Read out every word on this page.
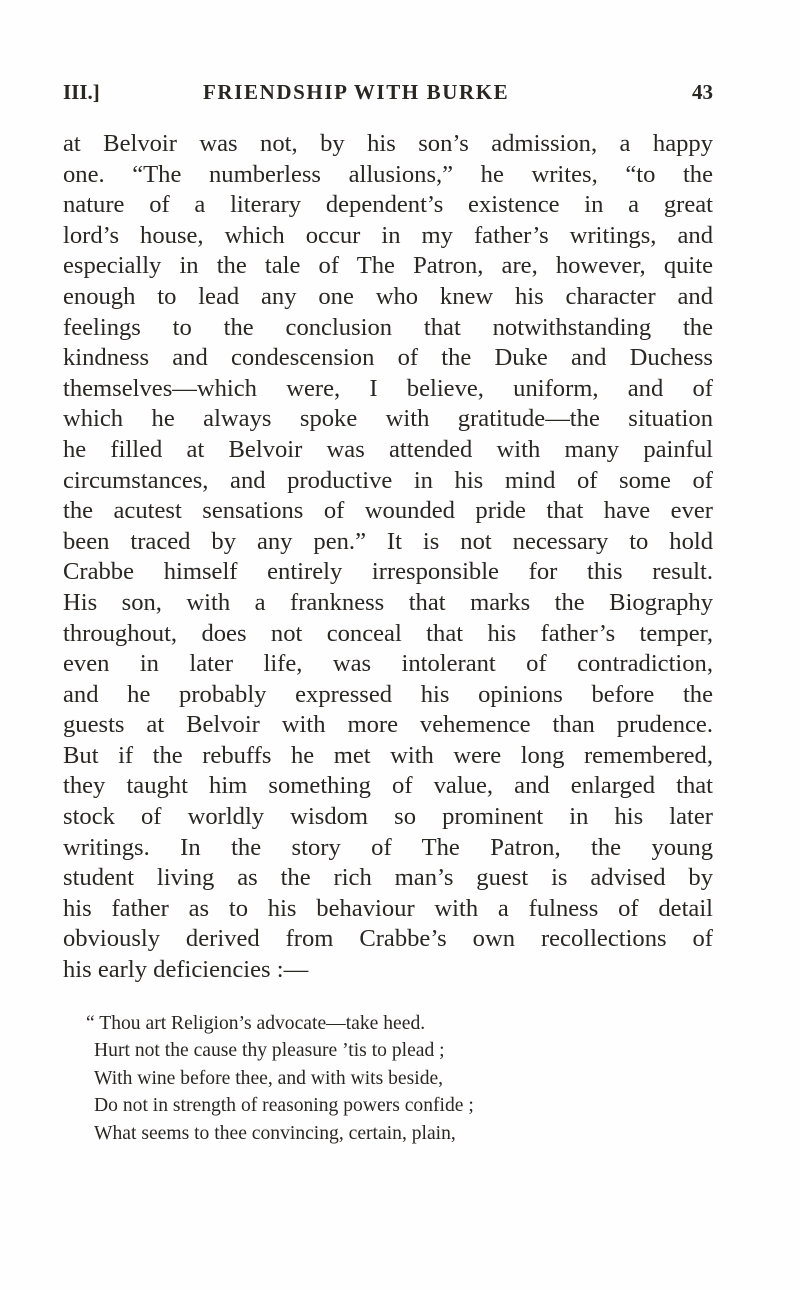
III.]	FRIENDSHIP WITH BURKE	43
at Belvoir was not, by his son’s admission, a happy
one. “The numberless allusions,” he writes, “to the
nature of a literary dependent’s existence in a great
lord’s house, which occur in my father’s writings, and
especially in the tale of The Patron, are, however, quite
enough to lead any one who knew his character and
feelings to the conclusion that notwithstanding the
kindness and condescension of the Duke and Duchess
themselves—which were, I believe, uniform, and of
which he always spoke with gratitude—the situation
he filled at Belvoir was attended with many painful
circumstances, and productive in his mind of some of
the acutest sensations of wounded pride that have ever
been traced by any pen.” It is not necessary to hold
Crabbe himself entirely irresponsible for this result.
His son, with a frankness that marks the Biography
throughout, does not conceal that his father’s temper,
even in later life, was intolerant of contradiction,
and he probably expressed his opinions before the
guests at Belvoir with more vehemence than prudence.
But if the rebuffs he met with were long remembered,
they taught him something of value, and enlarged that
stock of worldly wisdom so prominent in his later
writings. In the story of The Patron, the young
student living as the rich man’s guest is advised by
his father as to his behaviour with a fulness of detail
obviously derived from Crabbe’s own recollections of
his early deficiencies :—
“ Thou art Religion’s advocate—take heed.
Hurt not the cause thy pleasure ’tis to plead ;
With wine before thee, and with wits beside,
Do not in strength of reasoning powers confide ;
What seems to thee convincing, certain, plain,
